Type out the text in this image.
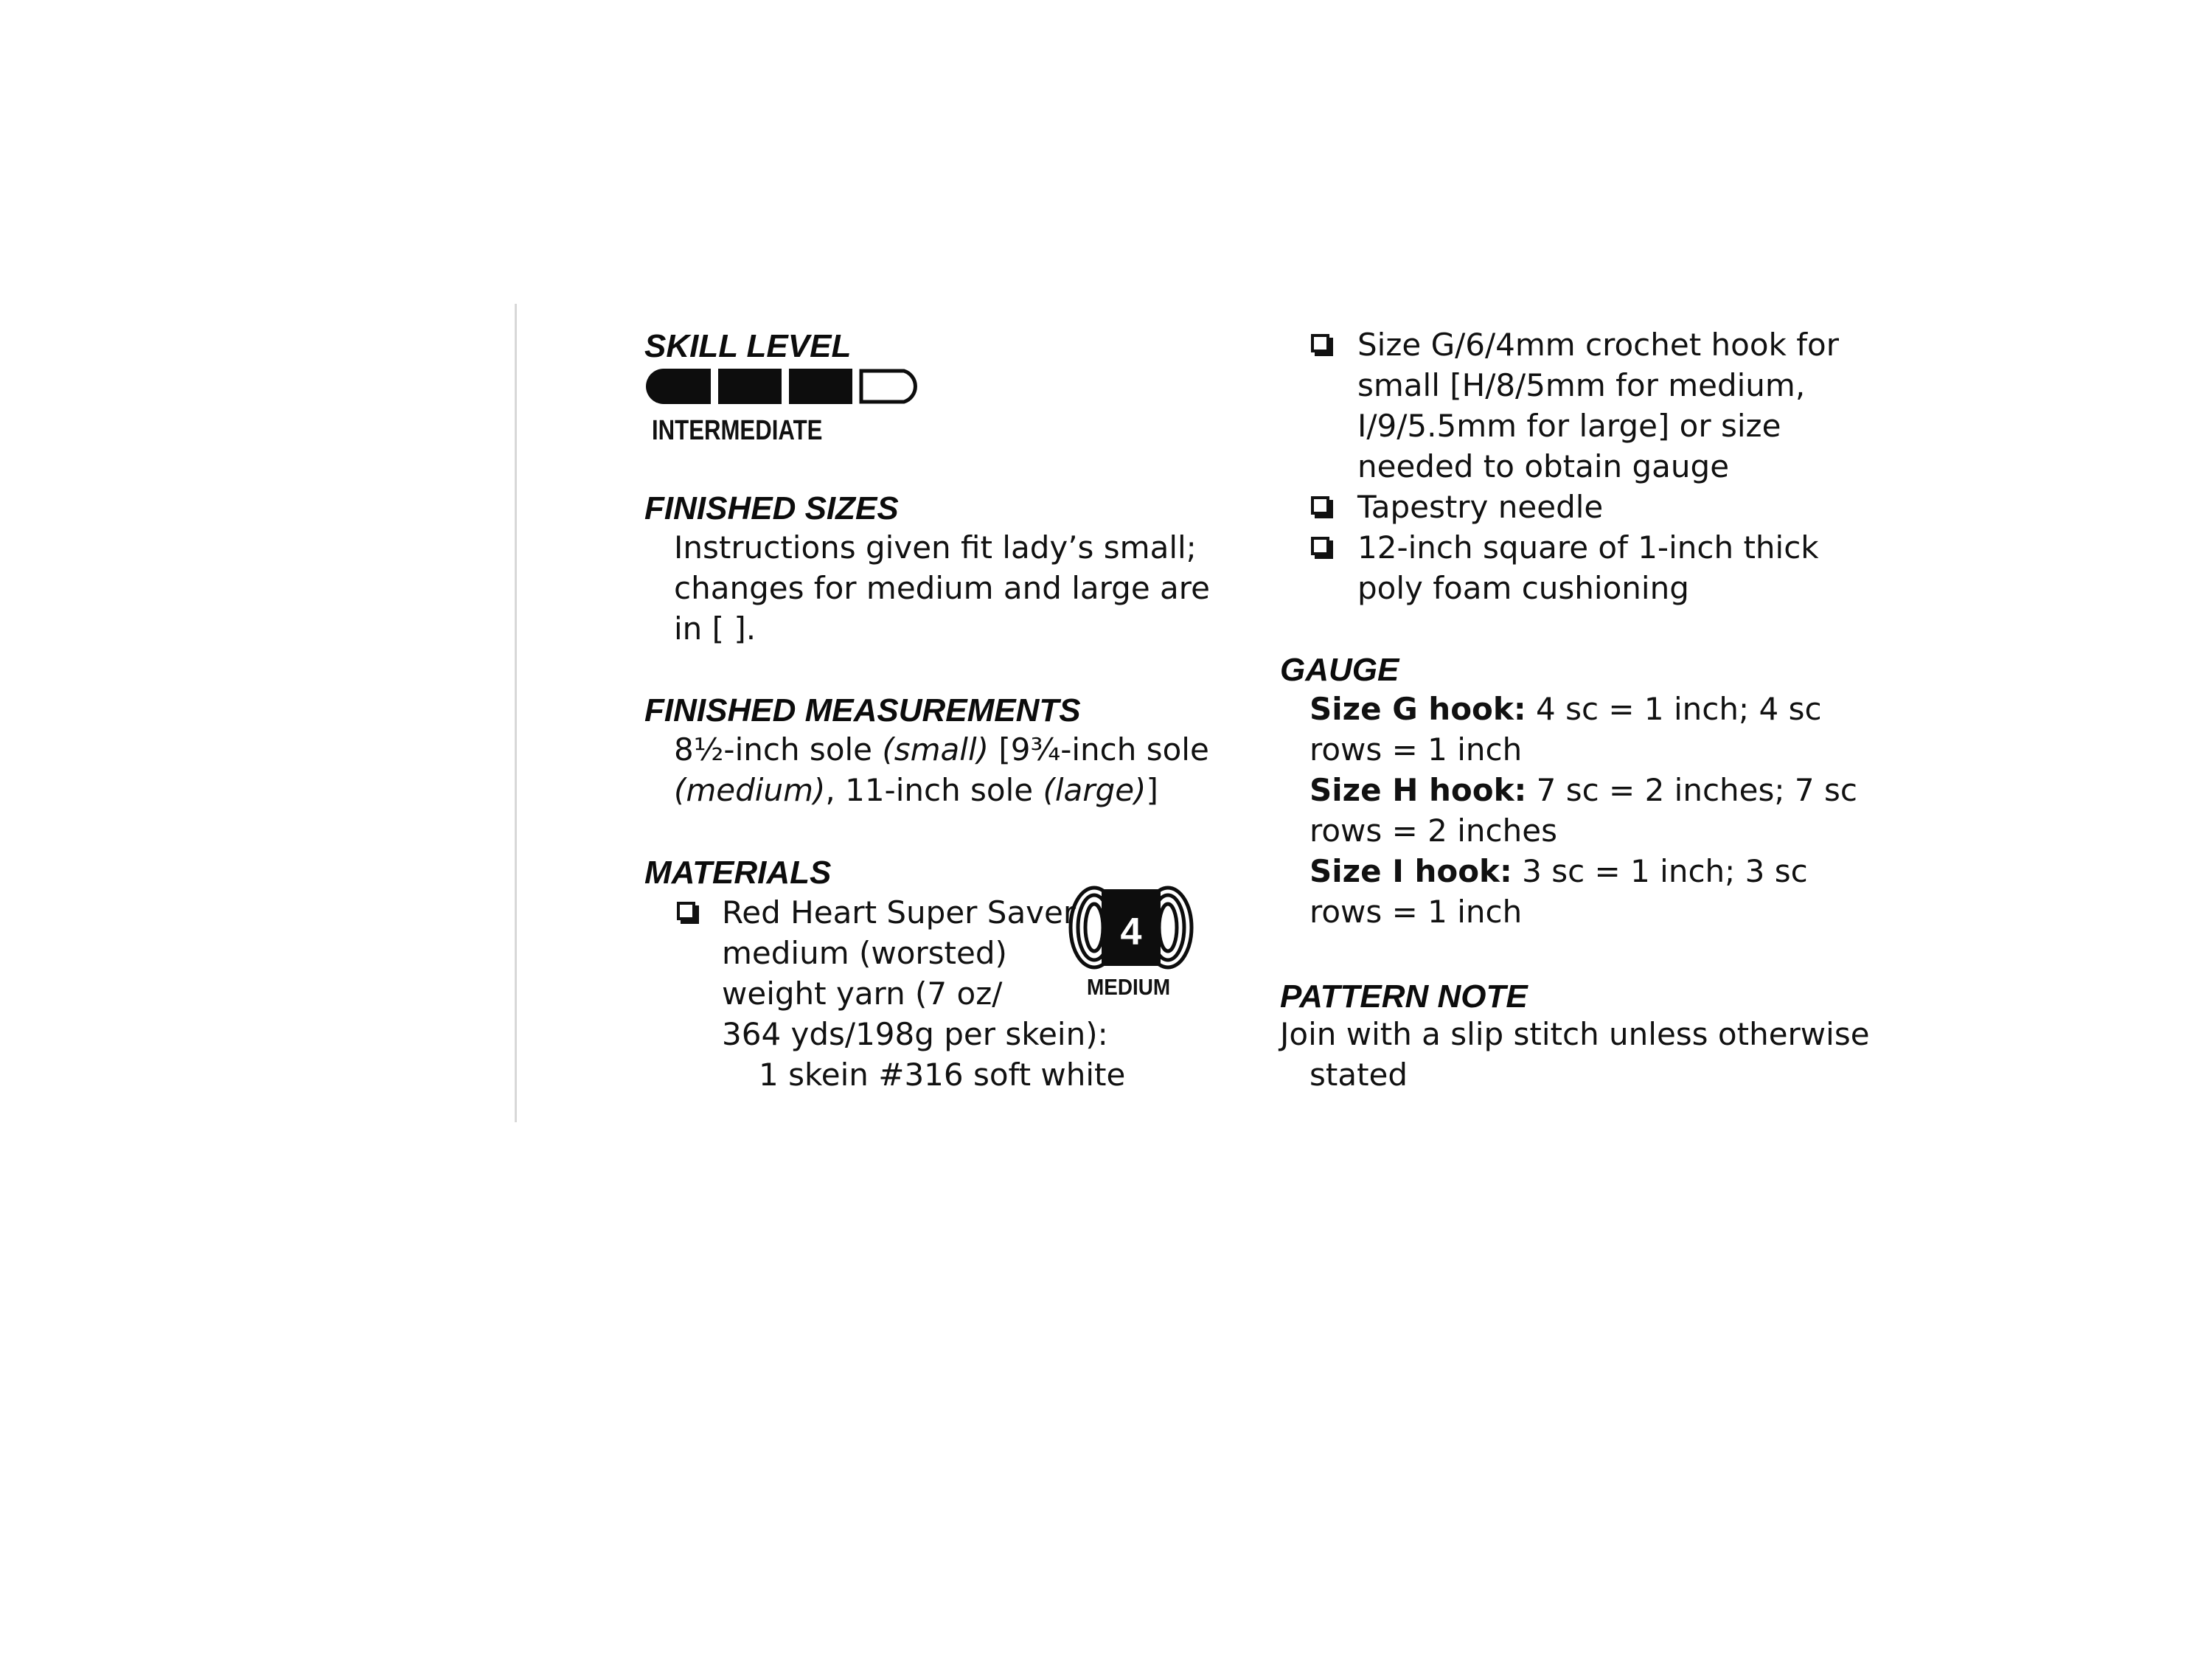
SKILL LEVEL
INTERMEDIATE
FINISHED SIZES
Instructions given fit lady’s small;
changes for medium and large are
in [ ].
FINISHED MEASUREMENTS
8½-inch sole (small) [9¾-inch sole
(medium), 11-inch sole (large)]
MATERIALS
Red Heart Super Saver
medium (worsted)
weight yarn (7 oz/
364 yds/198g per skein):
1 skein #316 soft white
4
MEDIUM
Size G/6/4mm crochet hook for
small [H/8/5mm for medium,
I/9/5.5mm for large] or size
needed to obtain gauge
Tapestry needle
12-inch square of 1-inch thick
poly foam cushioning
GAUGE
Size G hook: 4 sc = 1 inch; 4 sc
rows = 1 inch
Size H hook: 7 sc = 2 inches; 7 sc
rows = 2 inches
Size I hook: 3 sc = 1 inch; 3 sc
rows = 1 inch
PATTERN NOTE
Join with a slip stitch unless otherwise
stated
